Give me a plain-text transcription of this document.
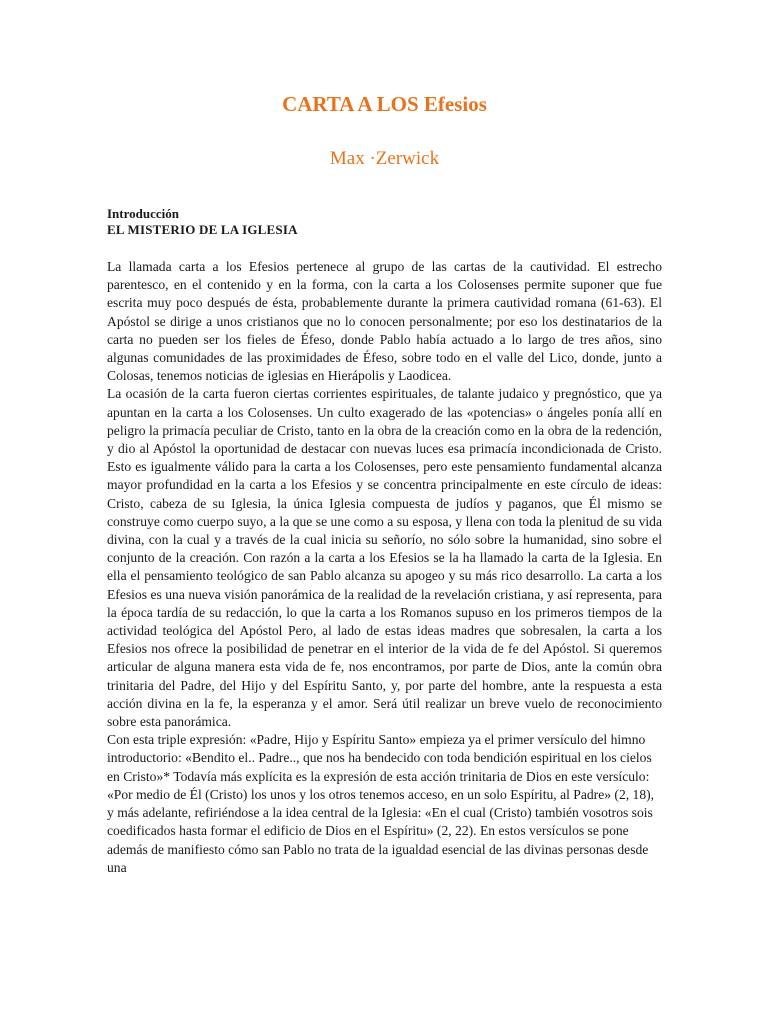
CARTA A LOS Efesios
Max ·Zerwick
Introducción
EL MISTERIO DE LA IGLESIA

La llamada carta a los Efesios pertenece al grupo de las cartas de la cautividad. El estrecho parentesco, en el contenido y en la forma, con la carta a los Colosenses permite suponer que fue escrita muy poco después de ésta, probablemente durante la primera cautividad romana (61-63). El Apóstol se dirige a unos cristianos que no lo conocen personalmente; por eso los destinatarios de la carta no pueden ser los fieles de Éfeso, donde Pablo había actuado a lo largo de tres años, sino algunas comunidades de las proximidades de Éfeso, sobre todo en el valle del Lico, donde, junto a Colosas, tenemos noticias de iglesias en Hierápolis y Laodicea.

La ocasión de la carta fueron ciertas corrientes espirituales, de talante judaico y pregnóstico, que ya apuntan en la carta a los Colosenses. Un culto exagerado de las «potencias» o ángeles ponía allí en peligro la primacía peculiar de Cristo, tanto en la obra de la creación como en la obra de la redención, y dio al Apóstol la oportunidad de destacar con nuevas luces esa primacía incondicionada de Cristo. Esto es igualmente válido para la carta a los Colosenses, pero este pensamiento fundamental alcanza mayor profundidad en la carta a los Efesios y se concentra principalmente en este círculo de ideas: Cristo, cabeza de su Iglesia, la única Iglesia compuesta de judíos y paganos, que Él mismo se construye como cuerpo suyo, a la que se une como a su esposa, y llena con toda la plenitud de su vida divina, con la cual y a través de la cual inicia su señorío, no sólo sobre la humanidad, sino sobre el conjunto de la creación. Con razón a la carta a los Efesios se la ha llamado la carta de la Iglesia. En ella el pensamiento teológico de san Pablo alcanza su apogeo y su más rico desarrollo. La carta a los Efesios es una nueva visión panorámica de la realidad de la revelación cristiana, y así representa, para la época tardía de su redacción, lo que la carta a los Romanos supuso en los primeros tiempos de la actividad teológica del Apóstol Pero, al lado de estas ideas madres que sobresalen, la carta a los Efesios nos ofrece la posibilidad de penetrar en el interior de la vida de fe del Apóstol. Si queremos articular de alguna manera esta vida de fe, nos encontramos, por parte de Dios, ante la común obra trinitaria del Padre, del Hijo y del Espíritu Santo, y, por parte del hombre, ante la respuesta a esta acción divina en la fe, la esperanza y el amor. Será útil realizar un breve vuelo de reconocimiento sobre esta panorámica.

Con esta triple expresión: «Padre, Hijo y Espíritu Santo» empieza ya el primer versículo del himno introductorio: «Bendito el.. Padre.., que nos ha bendecido con toda bendición espiritual en los cielos en Cristo»* Todavía más explícita es la expresión de esta acción trinitaria de Dios en este versículo: «Por medio de Él (Cristo) los unos y los otros tenemos acceso, en un solo Espíritu, al Padre» (2, 18), y más adelante, refiriéndose a la idea central de la Iglesia: «En el cual (Cristo) también vosotros sois coedificados hasta formar el edificio de Dios en el Espíritu» (2, 22). En estos versículos se pone además de manifiesto cómo san Pablo no trata de la igualdad esencial de las divinas personas desde una
